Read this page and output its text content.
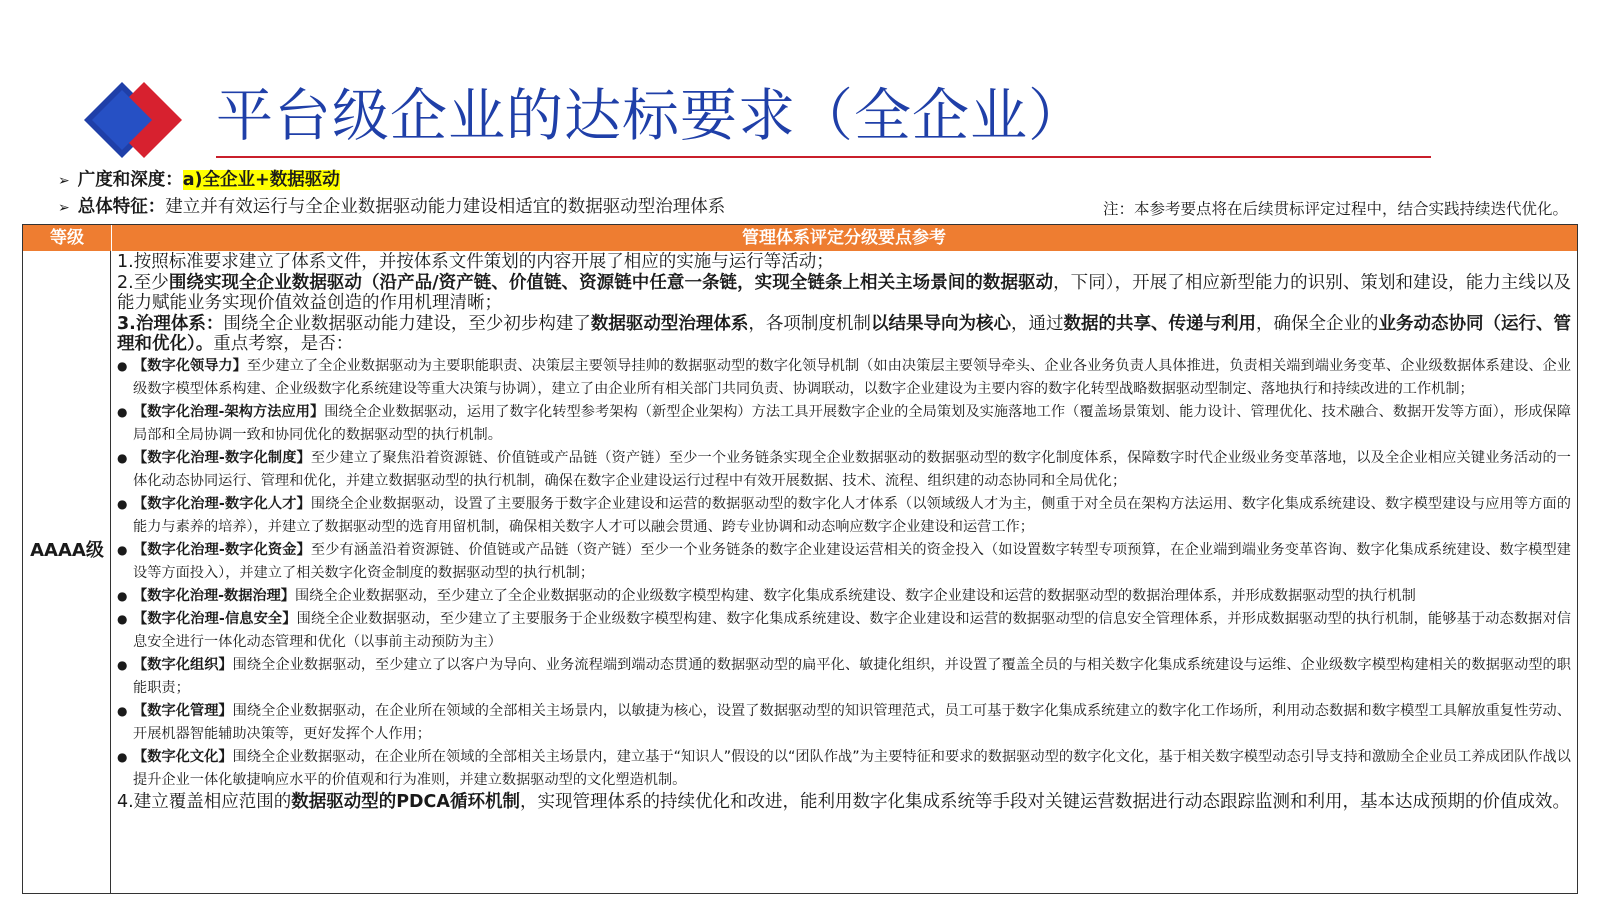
平台级企业的达标要求（全企业）
➢ 广度和深度：a)全企业+数据驱动
➢ 总体特征：建立并有效运行与全企业数据驱动能力建设相适宜的数据驱动型治理体系	注：本参考要点将在后续贯标评定过程中，结合实践持续迭代优化。
等级	管理体系评定分级要点参考
AAAA级

1.按照标准要求建立了体系文件，并按体系文件策划的内容开展了相应的实施与运行等活动；

2.至少围绕实现全企业数据驱动（沿产品/资产链、价值链、资源链中任意一条链，实现全链条上相关主场景间的数据驱动，下同），开展了相应新型能力的识别、策划和建设，能力主线以及能力赋能业务实现价值效益创造的作用机理清晰；

3.治理体系：围绕全企业数据驱动能力建设，至少初步构建了数据驱动型治理体系，各项制度机制以结果导向为核心，通过数据的共享、传递与利用，确保全企业的业务动态协同（运行、管理和优化）。重点考察，是否：

● 【数字化领导力】至少建立了全企业数据驱动为主要职能职责、决策层主要领导挂帅的数据驱动型的数字化领导机制（如由决策层主要领导牵头、企业各业务负责人具体推进，负责相关端到端业务变革、企业级数据体系建设、企业级数字模型体系构建、企业级数字化系统建设等重大决策与协调），建立了由企业所有相关部门共同负责、协调联动，以数字企业建设为主要内容的数字化转型战略数据驱动型制定、落地执行和持续改进的工作机制；

● 【数字化治理-架构方法应用】围绕全企业数据驱动，运用了数字化转型参考架构（新型企业架构）方法工具开展数字企业的全局策划及实施落地工作（覆盖场景策划、能力设计、管理优化、技术融合、数据开发等方面），形成保障局部和全局协调一致和协同优化的数据驱动型的执行机制。

● 【数字化治理-数字化制度】至少建立了聚焦沿着资源链、价值链或产品链（资产链）至少一个业务链条实现全企业数据驱动的数据驱动型的数字化制度体系，保障数字时代企业级业务变革落地，以及全企业相应关键业务活动的一体化动态协同运行、管理和优化，并建立数据驱动型的执行机制，确保在数字企业建设运行过程中有效开展数据、技术、流程、组织建的动态协同和全局优化；

● 【数字化治理-数字化人才】围绕全企业数据驱动，设置了主要服务于数字企业建设和运营的数据驱动型的数字化人才体系（以领域级人才为主，侧重于对全员在架构方法运用、数字化集成系统建设、数字模型建设与应用等方面的能力与素养的培养），并建立了数据驱动型的选育用留机制，确保相关数字人才可以融会贯通、跨专业协调和动态响应数字企业建设和运营工作；

● 【数字化治理-数字化资金】至少有涵盖沿着资源链、价值链或产品链（资产链）至少一个业务链条的数字企业建设运营相关的资金投入（如设置数字转型专项预算，在企业端到端业务变革咨询、数字化集成系统建设、数字模型建设等方面投入），并建立了相关数字化资金制度的数据驱动型的执行机制；

● 【数字化治理-数据治理】围绕全企业数据驱动，至少建立了全企业数据驱动的企业级数字模型构建、数字化集成系统建设、数字企业建设和运营的数据驱动型的数据治理体系，并形成数据驱动型的执行机制

● 【数字化治理-信息安全】围绕全企业数据驱动，至少建立了主要服务于企业级数字模型构建、数字化集成系统建设、数字企业建设和运营的数据驱动型的信息安全管理体系，并形成数据驱动型的执行机制，能够基于动态数据对信息安全进行一体化动态管理和优化（以事前主动预防为主）

● 【数字化组织】围绕全企业数据驱动，至少建立了以客户为导向、业务流程端到端动态贯通的数据驱动型的扁平化、敏捷化组织，并设置了覆盖全员的与相关数字化集成系统建设与运维、企业级数字模型构建相关的数据驱动型的职能职责；

● 【数字化管理】围绕全企业数据驱动，在企业所在领域的全部相关主场景内，以敏捷为核心，设置了数据驱动型的知识管理范式，员工可基于数字化集成系统建立的数字化工作场所，利用动态数据和数字模型工具解放重复性劳动、开展机器智能辅助决策等，更好发挥个人作用；

● 【数字化文化】围绕全企业数据驱动，在企业所在领域的全部相关主场景内，建立基于“知识人”假设的以“团队作战”为主要特征和要求的数据驱动型的数字化文化，基于相关数字模型动态引导支持和激励全企业员工养成团队作战以提升企业一体化敏捷响应水平的价值观和行为准则，并建立数据驱动型的文化塑造机制。

4.建立覆盖相应范围的数据驱动型的PDCA循环机制，实现管理体系的持续优化和改进，能利用数字化集成系统等手段对关键运营数据进行动态跟踪监测和利用，基本达成预期的价值成效。
